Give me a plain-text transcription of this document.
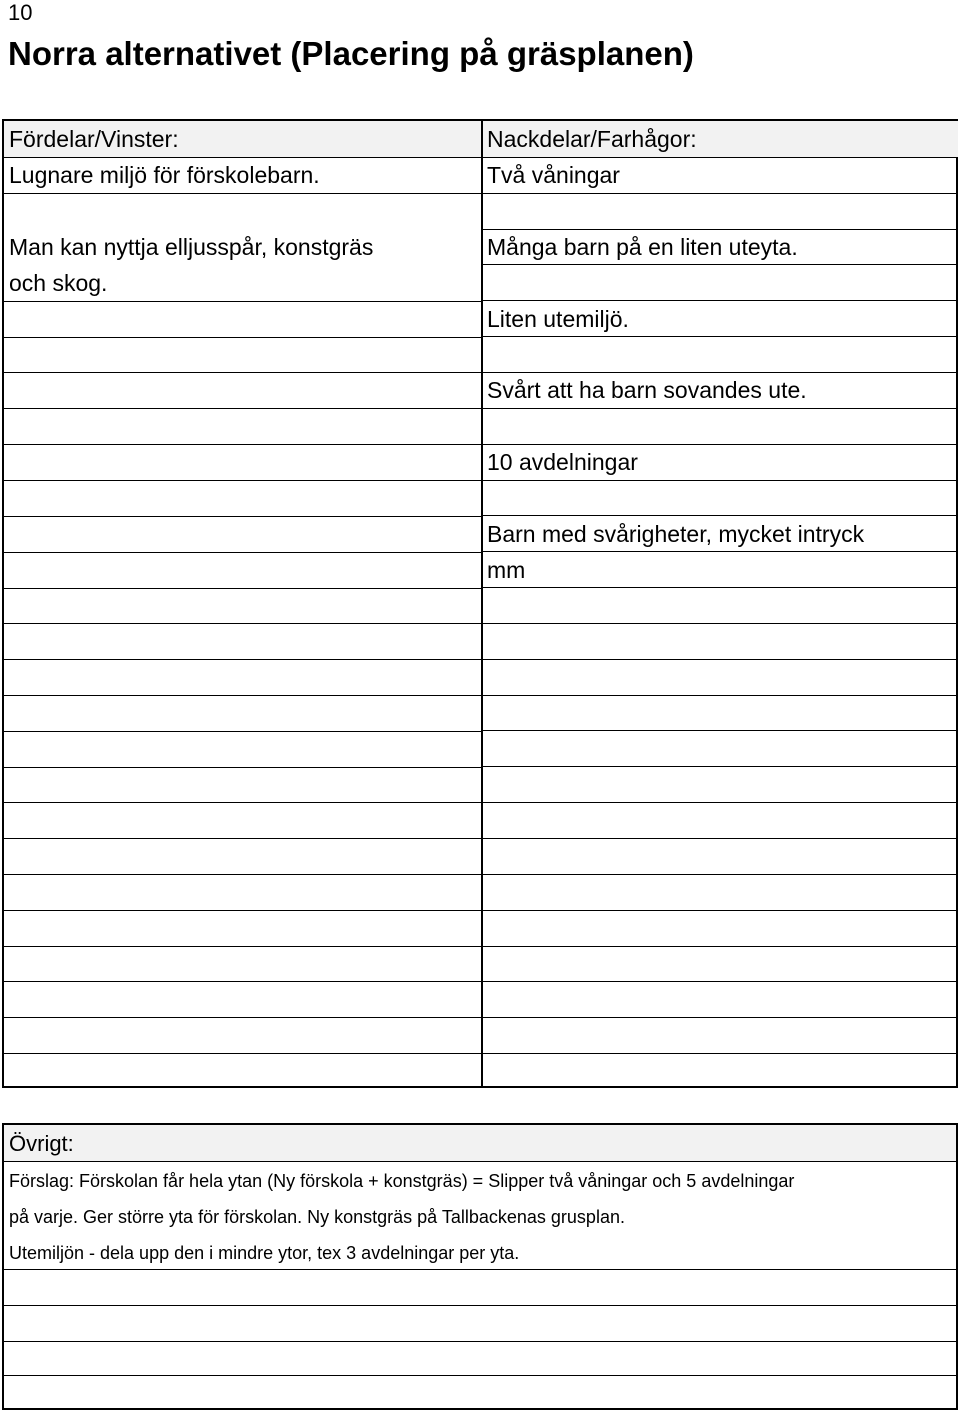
10
Norra alternativet (Placering på gräsplanen)
Fördelar/Vinster:
Lugnare miljö för förskolebarn.
Man kan nyttja elljusspår, konstgräs
och skog.
Nackdelar/Farhågor:
Två våningar
Många barn på en liten uteyta.
Liten utemiljö.
Svårt att ha barn sovandes ute.
10 avdelningar
Barn med svårigheter, mycket intryck
mm
Övrigt:
Förslag: Förskolan får hela ytan (Ny förskola + konstgräs) = Slipper två våningar och 5 avdelningar
på varje. Ger större yta för förskolan. Ny konstgräs på Tallbackenas grusplan.
Utemiljön - dela upp den i mindre ytor, tex 3 avdelningar per yta.
